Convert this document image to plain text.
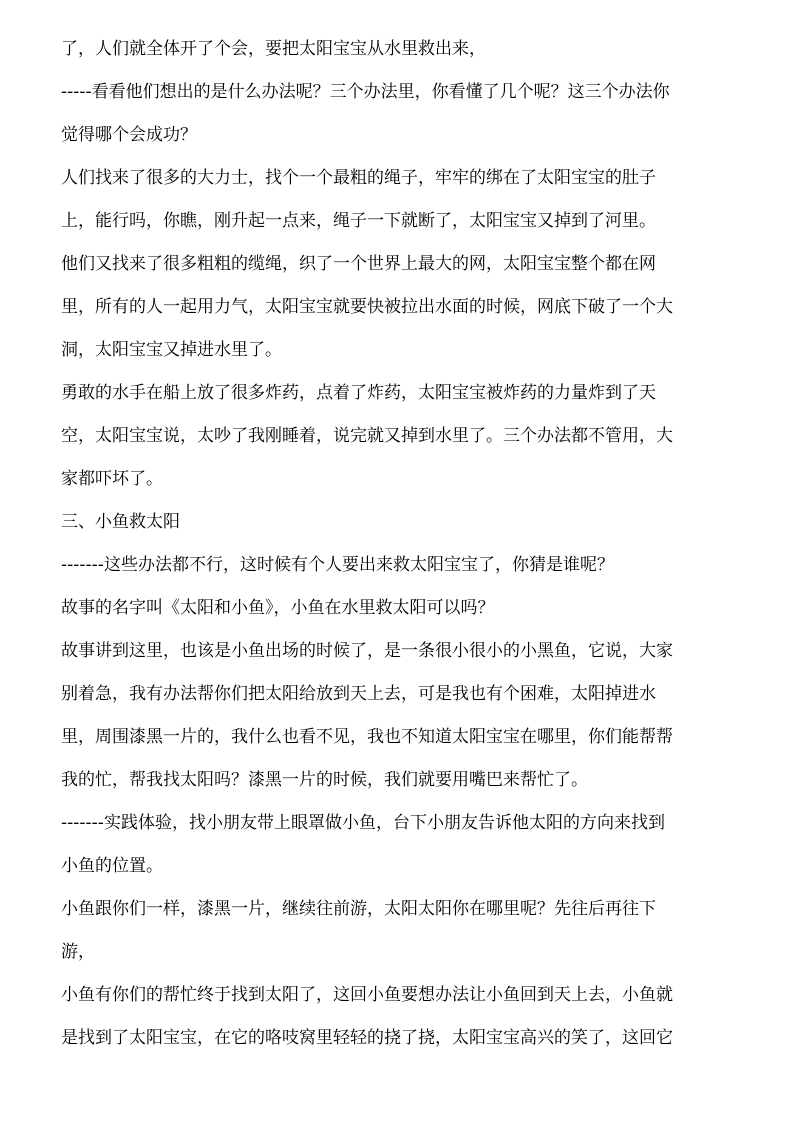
了，人们就全体开了个会，要把太阳宝宝从水里救出来，
-----看看他们想出的是什么办法呢？三个办法里，你看懂了几个呢？这三个办法你
觉得哪个会成功？
人们找来了很多的大力士，找个一个最粗的绳子，牢牢的绑在了太阳宝宝的肚子
上，能行吗，你瞧，刚升起一点来，绳子一下就断了，太阳宝宝又掉到了河里。
他们又找来了很多粗粗的缆绳，织了一个世界上最大的网，太阳宝宝整个都在网
里，所有的人一起用力气，太阳宝宝就要快被拉出水面的时候，网底下破了一个大
洞，太阳宝宝又掉进水里了。
勇敢的水手在船上放了很多炸药，点着了炸药，太阳宝宝被炸药的力量炸到了天
空，太阳宝宝说，太吵了我刚睡着，说完就又掉到水里了。三个办法都不管用，大
家都吓坏了。
三、小鱼救太阳
-------这些办法都不行，这时候有个人要出来救太阳宝宝了，你猜是谁呢？
故事的名字叫《太阳和小鱼》，小鱼在水里救太阳可以吗？
故事讲到这里，也该是小鱼出场的时候了，是一条很小很小的小黑鱼，它说，大家
别着急，我有办法帮你们把太阳给放到天上去，可是我也有个困难，太阳掉进水
里，周围漆黑一片的，我什么也看不见，我也不知道太阳宝宝在哪里，你们能帮帮
我的忙，帮我找太阳吗？漆黑一片的时候，我们就要用嘴巴来帮忙了。
-------实践体验，找小朋友带上眼罩做小鱼，台下小朋友告诉他太阳的方向来找到
小鱼的位置。
小鱼跟你们一样，漆黑一片，继续往前游，太阳太阳你在哪里呢？先往后再往下
游，
小鱼有你们的帮忙终于找到太阳了，这回小鱼要想办法让小鱼回到天上去，小鱼就
是找到了太阳宝宝，在它的咯吱窝里轻轻的挠了挠，太阳宝宝高兴的笑了，这回它
